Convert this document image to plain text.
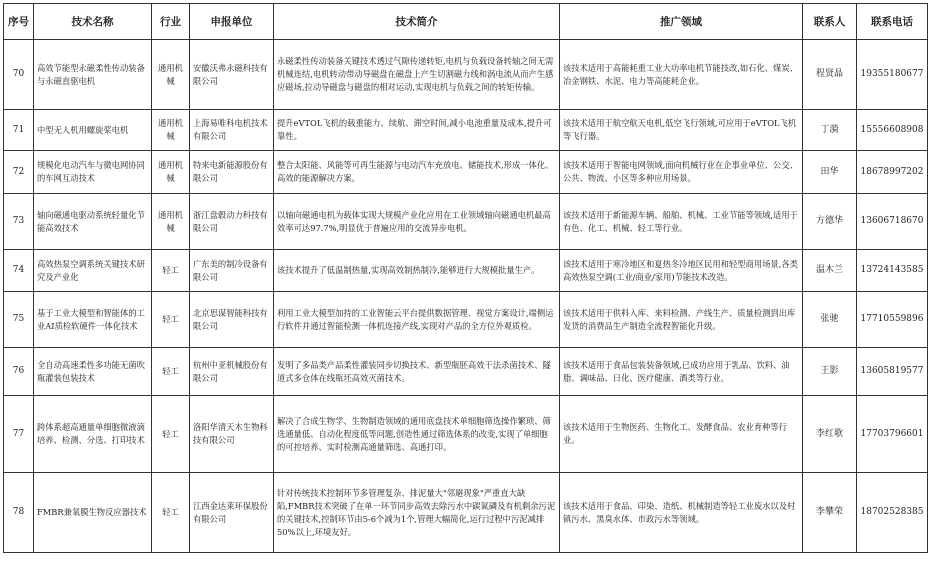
序号	技术名称	行业	申报单位	技术简介	推广领域	联系人	联系电话
70	高效节能型永磁柔性传动装备与永磁直驱电机	通用机械	安徽沃弗永磁科技有限公司	永磁柔性传动装备关键技术透过气隙传递转矩,电机与负载设备转轴之间无需机械连结,电机转动带动导磁盘在磁盘上产生切割磁力线和涡电流从而产生感应磁场,拉动导磁盘与磁盘的相对运动,实现电机与负载之间的转矩传输。	该技术适用于高能耗重工业大功率电机节能技改,如石化、煤炭、冶金钢铁、水泥、电力等高能耗企业。	程贤晶	19355180677
71	中型无人机用螺旋桨电机	通用机械	上海易唯科电机技术有限公司	提升eVTOL飞机的载重能力、续航、滞空时间,减小电池重量及成本,提升可靠性。	该技术适用于航空航天电机,低空飞行领域,可应用于eVTOL飞机等飞行器。	丁漪	15556608908
72	规模化电动汽车与微电网协同的车网互动技术	通用机械	特来电新能源股份有限公司	整合太阳能、风能等可再生能源与电动汽车充放电、储能技术,形成一体化、高效的能源解决方案。	该技术适用于智能电网领域,面向机械行业在企事业单位、公交、公共、物流、小区等多种应用场景。	田华	18678997202
73	轴向磁通电驱动系统轻量化节能高效技术	通用机械	浙江盘毂动力科技有限公司	以轴向磁通电机为载体实现大规模产业化应用在工业领域轴向磁通电机最高效率可达97.7%,明显优于普遍应用的交流异步电机。	该技术适用于新能源车辆、船舶、机械、工业节能等领域,适用于有色、化工、机械、轻工等行业。	方德华	13606718670
74	高效热泵空调系统关键技术研究及产业化	轻工	广东美的制冷设备有限公司	该技术提升了低温制热量,实现高效制热制冷,能够进行大规模批量生产。	该技术适用于寒冷地区和夏热冬冷地区民用和轻型商用场景,各类高效热泵空调(工业/商业/家用)节能技术改造。	温木兰	13724143585
75	基于工业大模型和智能体的工业AI质检软硬件一体化技术	轻工	北京思谋智能科技有限公司	利用工业大模型加持的工业智能云平台提供数据管理、视觉方案设计,端侧运行软件并通过智能检测一体机连接产线,实现对产品的全方位外观质检。	该技术适用于供料入库、来料检测、产线生产、质量检测到出库发货的消费品生产制造全流程智能化升级。	张驰	17710559896
76	全自动高速柔性多功能无菌吹瓶灌装包装技术	轻工	杭州中亚机械股份有限公司	发明了多品类产品柔性灌装同步切换技术、新型瓶胚高效干法杀菌技术、隧道式多仓体在线瓶坯高效灭菌技术。	该技术适用于食品包装装备领域,已成功应用于乳品、饮料、油脂、调味品、日化、医疗健康、酒类等行业。	王影	13605819577
77	跨体系超高通量单细胞微液滴培养、检测、分选、打印技术	轻工	洛阳华清天木生物科技有限公司	解决了合成生物学、生物制造领域的通用底盘技术单细胞筛选操作繁琐、筛选通量低、自动化程度低等问题,创造性通过筛选体系的改变,实现了单细胞的可控培养、实时检测高通量筛选、高通打印。	该技术适用于生物医药、生物化工、发酵食品、农业育种等行业。	李红歌	17703796601
78	FMBR兼氧膜生物反应器技术	轻工	江西金达莱环保股份有限公司	针对传统技术控制环节多管理复杂、排泥量大"邻避现象"严重直大缺陷,FMBR技术突破了在单一环节同步高效去除污水中碳氮磷及有机剩余污泥的关键技术,控制环节由5-6个减为1个,管理大幅简化,运行过程中污泥减排50%以上,环境友好。	该技术适用于食品、印染、造纸、机械制造等轻工业废水以及村镇污水、黑臭水体、市政污水等领域。	李攀荣	18702528385
